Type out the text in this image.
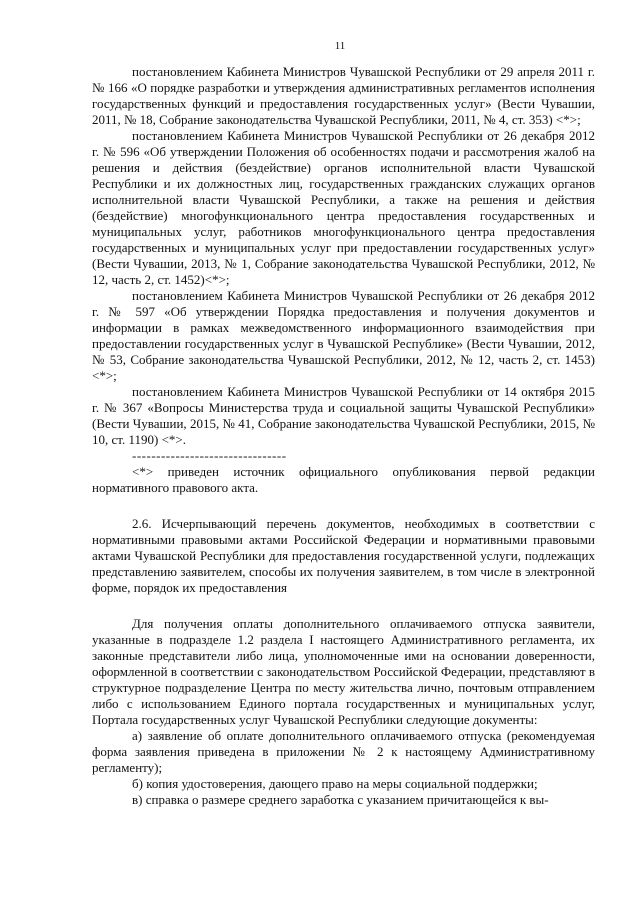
11

постановлением Кабинета Министров Чувашской Республики от 29 апреля 2011 г. № 166 «О порядке разработки и утверждения административных регламентов исполнения государственных функций и предоставления государственных услуг» (Вести Чувашии, 2011, № 18, Собрание законодательства Чувашской Республики, 2011, № 4, ст. 353) <*>;

постановлением Кабинета Министров Чувашской Республики от 26 декабря 2012 г. № 596 «Об утверждении Положения об особенностях подачи и рассмотрения жалоб на решения и действия (бездействие) органов исполнительной власти Чувашской Республики и их должностных лиц, государственных гражданских служащих органов исполнительной власти Чувашской Республики, а также на решения и действия (бездействие) многофункционального центра предоставления государственных и муниципальных услуг, работников многофункционального центра предоставления государственных и муниципальных услуг при предоставлении государственных услуг» (Вести Чувашии, 2013, № 1, Собрание законодательства Чувашской Республики, 2012, № 12, часть 2, ст. 1452)<*>;

постановлением Кабинета Министров Чувашской Республики от 26 декабря 2012 г. № 597 «Об утверждении Порядка предоставления и получения документов и информации в рамках межведомственного информационного взаимодействия при предоставлении государственных услуг в Чувашской Республике» (Вести Чувашии, 2012, № 53, Собрание законодательства Чувашской Республики, 2012, № 12, часть 2, ст. 1453) <*>;

постановлением Кабинета Министров Чувашской Республики от 14 октября 2015 г. № 367 «Вопросы Министерства труда и социальной защиты Чувашской Республики» (Вести Чувашии, 2015, № 41, Собрание законодательства Чувашской Республики, 2015, № 10, ст. 1190) <*>.

--------------------------------

<*> приведен источник официального опубликования первой редакции нормативного правового акта.

2.6. Исчерпывающий перечень документов, необходимых в соответствии с нормативными правовыми актами Российской Федерации и нормативными правовыми актами Чувашской Республики для предоставления государственной услуги, подлежащих представлению заявителем, способы их получения заявителем, в том числе в электронной форме, порядок их предоставления

Для получения оплаты дополнительного оплачиваемого отпуска заявители, указанные в подразделе 1.2 раздела I настоящего Административного регламента, их законные представители либо лица, уполномоченные ими на основании доверенности, оформленной в соответствии с законодательством Российской Федерации, представляют в структурное подразделение Центра по месту жительства лично, почтовым отправлением либо с использованием Единого портала государственных и муниципальных услуг, Портала государственных услуг Чувашской Республики следующие документы:

а) заявление об оплате дополнительного оплачиваемого отпуска (рекомендуемая форма заявления приведена в приложении № 2 к настоящему Административному регламенту);

б) копия удостоверения, дающего право на меры социальной поддержки;

в) справка о размере среднего заработка с указанием причитающейся к вы-
